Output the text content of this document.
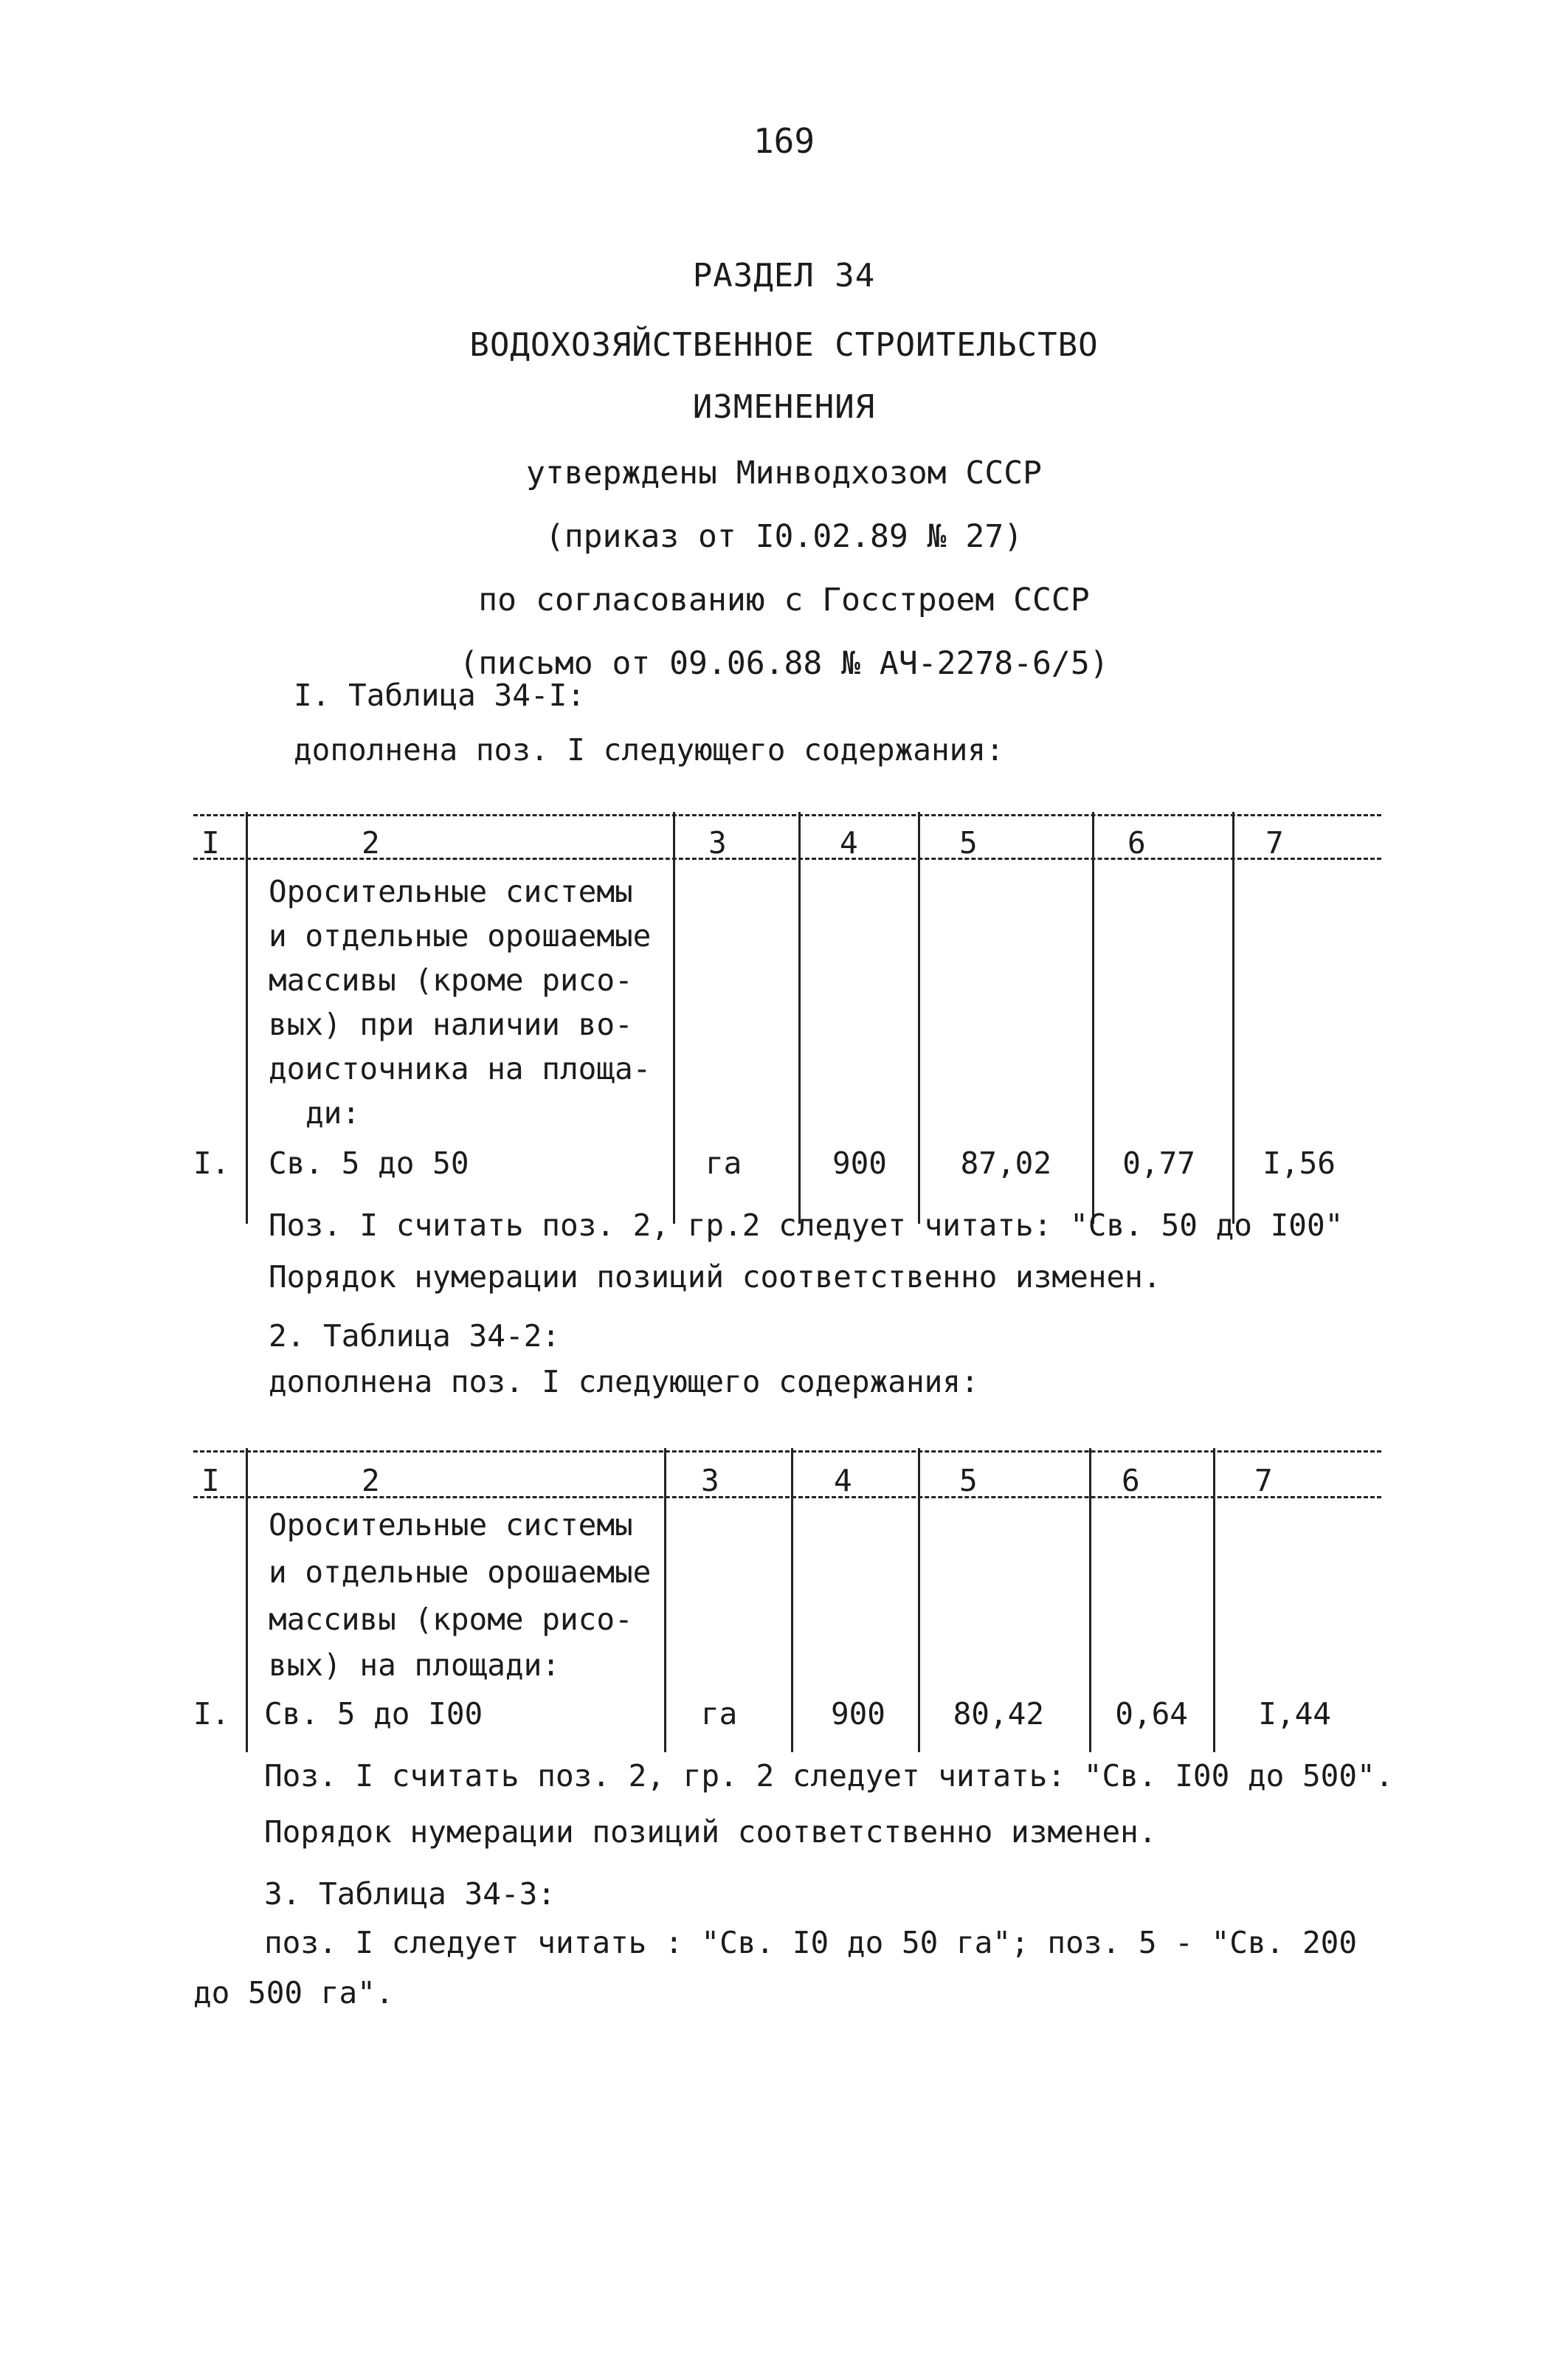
169
РАЗДЕЛ 34
ВОДОХОЗЯЙСТВЕННОЕ СТРОИТЕЛЬСТВО
ИЗМЕНЕНИЯ
утверждены Минводхозом СССР
(приказ от I0.02.89 № 27)
по согласованию с Госстроем СССР
(письмо от 09.06.88 № АЧ-2278-6/5)
I. Таблица 34-I:
дополнена поз. I следующего содержания:
I	2	3	4	5	6	7
Оросительные системы
и отдельные орошаемые
массивы (кроме рисо-
вых) при наличии во-
доисточника на площа-
ди:
I. Св. 5 до 50	га	900	87,02	0,77	I,56
Поз. I считать поз. 2, гр.2 следует читать: "Св. 50 до I00"
Порядок нумерации позиций соответственно изменен.
2. Таблица 34-2:
дополнена поз. I следующего содержания:
I	2	3	4	5	6	7
Оросительные системы
и отдельные орошаемые
массивы (кроме рисо-
вых) на площади:
I. Св. 5 до I00	га	900	80,42	0,64	I,44
Поз. I считать поз. 2, гр. 2 следует читать: "Св. I00 до 500".
Порядок нумерации позиций соответственно изменен.
3. Таблица 34-3:
поз. I следует читать : "Св. I0 до 50 га"; поз. 5 - "Св. 200
до 500 га".
